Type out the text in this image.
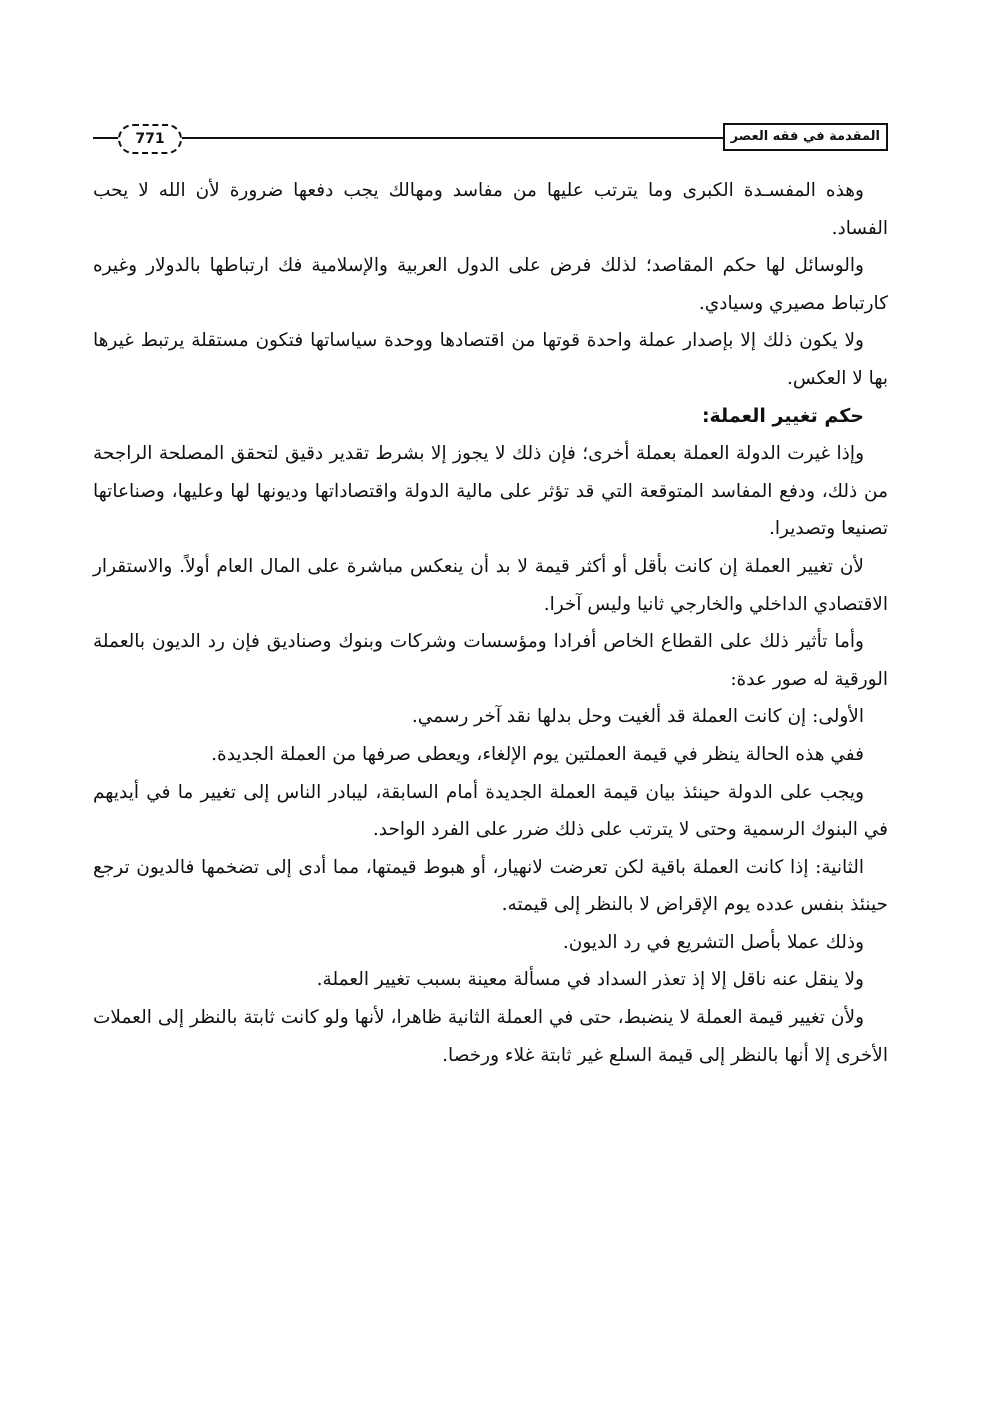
المقدمة في فقه العصر
771

وهذه المفسـدة الكبرى وما يترتب عليها من مفاسد ومهالك يجب دفعها ضرورة لأن الله لا يحب الفساد.

والوسائل لها حكم المقاصد؛ لذلك فرض على الدول العربية والإسلامية فك ارتباطها بالدولار وغيره كارتباط مصيري وسيادي.

ولا يكون ذلك إلا بإصدار عملة واحدة قوتها من اقتصادها ووحدة سياساتها فتكون مستقلة يرتبط غيرها بها لا العكس.

حكم تغيير العملة:

وإذا غيرت الدولة العملة بعملة أخرى؛ فإن ذلك لا يجوز إلا بشرط تقدير دقيق لتحقق المصلحة الراجحة من ذلك، ودفع المفاسد المتوقعة التي قد تؤثر على مالية الدولة واقتصاداتها وديونها لها وعليها، وصناعاتها تصنيعا وتصديرا.

لأن تغيير العملة إن كانت بأقل أو أكثر قيمة لا بد أن ينعكس مباشرة على المال العام أولاً. والاستقرار الاقتصادي الداخلي والخارجي ثانيا وليس آخرا.

وأما تأثير ذلك على القطاع الخاص أفرادا ومؤسسات وشركات وبنوك وصناديق فإن رد الديون بالعملة الورقية له صور عدة:

الأولى: إن كانت العملة قد ألغيت وحل بدلها نقد آخر رسمي.

ففي هذه الحالة ينظر في قيمة العملتين يوم الإلغاء، ويعطى صرفها من العملة الجديدة.

ويجب على الدولة حينئذ بيان قيمة العملة الجديدة أمام السابقة، ليبادر الناس إلى تغيير ما في أيديهم في البنوك الرسمية وحتى لا يترتب على ذلك ضرر على الفرد الواحد.

الثانية: إذا كانت العملة باقية لكن تعرضت لانهيار، أو هبوط قيمتها، مما أدى إلى تضخمها فالديون ترجع حينئذ بنفس عدده يوم الإقراض لا بالنظر إلى قيمته.

وذلك عملا بأصل التشريع في رد الديون.

ولا ينقل عنه ناقل إلا إذ تعذر السداد في مسألة معينة بسبب تغيير العملة.

ولأن تغيير قيمة العملة لا ينضبط، حتى في العملة الثانية ظاهرا، لأنها ولو كانت ثابتة بالنظر إلى العملات الأخرى إلا أنها بالنظر إلى قيمة السلع غير ثابتة غلاء ورخصا.
